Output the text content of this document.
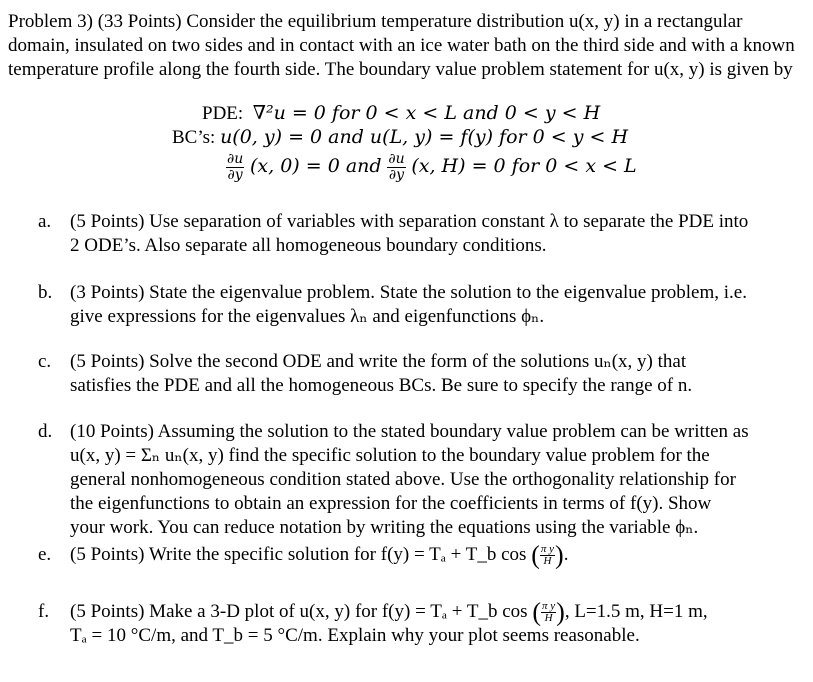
Problem 3) (33 Points) Consider the equilibrium temperature distribution u(x, y) in a rectangular domain, insulated on two sides and in contact with an ice water bath on the third side and with a known temperature profile along the fourth side. The boundary value problem statement for u(x, y) is given by
PDE: ∇²u = 0 for 0 < x < L and 0 < y < H
BC’s: u(0, y) = 0 and u(L, y) = f(y) for 0 < y < H
$\frac{\partial u}{\partial y} (x$, 0) = 0 and $\frac{\partial u}{\partial y} (x$, H) = 0 for 0 < x < L
a. (5 Points) Use separation of variables with separation constant λ to separate the PDE into
2 ODE’s. Also separate all homogeneous boundary conditions.
b. (3 Points) State the eigenvalue problem. State the solution to the eigenvalue problem, i.e.
give expressions for the eigenvalues λₙ and eigenfunctions ϕₙ.
c. (5 Points) Solve the second ODE and write the form of the solutions uₙ(x, y) that
satisfies the PDE and all the homogeneous BCs. Be sure to specify the range of n.
d. (10 Points) Assuming the solution to the stated boundary value problem can be written as
u(x, y) = Σₙ uₙ(x, y) find the specific solution to the boundary value problem for the
general nonhomogeneous condition stated above. Use the orthogonality relationship for
the eigenfunctions to obtain an expression for the coefficients in terms of f(y). Show
your work. You can reduce notation by writing the equations using the variable ϕₙ.
e. (5 Points) Write the specific solution for f(y) = Tₐ + T_b cos ( $\frac{\text{π y}}{H}$ ).
f. (5 Points) Make a 3-D plot of u(x, y) for f(y) = Tₐ + T_b cos ( $\frac{\text{π y}}{H}$ ), L=1.5 m, H=1 m,
Tₐ = 10 °C/m, and T_b = 5 °C/m. Explain why your plot seems reasonable.
